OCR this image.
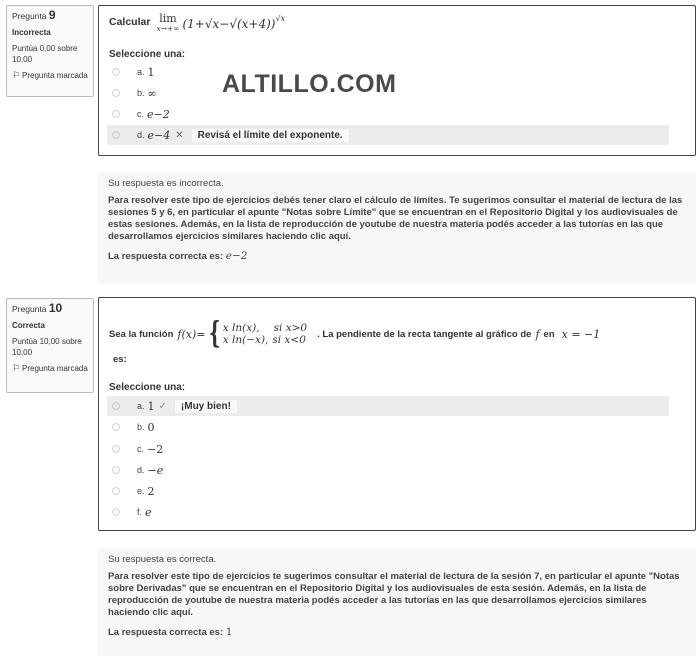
Pregunta 9
Incorrecta
Puntúa 0,00 sobre 10,00
⚐ Pregunta marcada
Calcular lim
x→+∞ (1+√x−√(x+4)) √x
Seleccione una:
a. 1
b. ∞
c. e−2
d. e−4 ✕	Revisá el límite del exponente.
ALTILLO.COM
Su respuesta es incorrecta.
Para resolver este tipo de ejercicios debés tener claro el cálculo de límites. Te sugerimos consultar el material de lectura de las sesiones 5 y 6, en particular el apunte "Notas sobre Límite" que se encuentran en el Repositorio Digital y los audiovisuales de estas sesiones. Además, en la lista de reproducción de youtube de nuestra materia podés acceder a las tutorías en las que desarrollamos ejercicios similares haciendo clic aquí.
La respuesta correcta es: e−2
Pregunta 10
Correcta
Puntúa 10,00 sobre 10,00
⚐ Pregunta marcada
Sea la función f(x)= { x ln(x), si x>0
x ln(−x), si x<0 . La pendiente de la recta tangente al gráfico de f en x = −1
es:
Seleccione una:
a. 1 ✓	¡Muy bien!
b. 0
c. −2
d. −e
e. 2
f. e
Su respuesta es correcta.
Para resolver este tipo de ejercicios te sugerimos consultar el material de lectura de la sesión 7, en particular el apunte "Notas sobre Derivadas" que se encuentran en el Repositorio Digital y los audiovisuales de esta sesión. Además, en la lista de reproducción de youtube de nuestra materia podés acceder a las tutorías en las que desarrollamos ejercicios similares haciendo clic aquí.
La respuesta correcta es: 1
